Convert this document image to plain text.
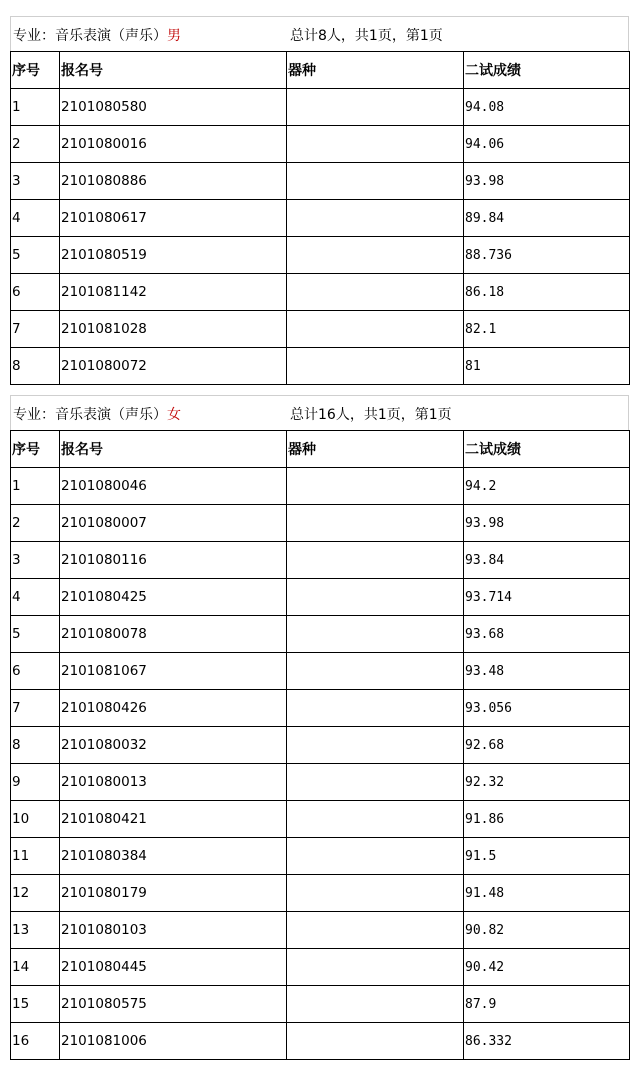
专业：音乐表演（声乐）男	总计8人，共1页，第1页
序号	报名号	器种	二试成绩
1	2101080580		94.08
2	2101080016		94.06
3	2101080886		93.98
4	2101080617		89.84
5	2101080519		88.736
6	2101081142		86.18
7	2101081028		82.1
8	2101080072		81
专业：音乐表演（声乐）女	总计16人，共1页，第1页
序号	报名号	器种	二试成绩
1	2101080046		94.2
2	2101080007		93.98
3	2101080116		93.84
4	2101080425		93.714
5	2101080078		93.68
6	2101081067		93.48
7	2101080426		93.056
8	2101080032		92.68
9	2101080013		92.32
10	2101080421		91.86
11	2101080384		91.5
12	2101080179		91.48
13	2101080103		90.82
14	2101080445		90.42
15	2101080575		87.9
16	2101081006		86.332
